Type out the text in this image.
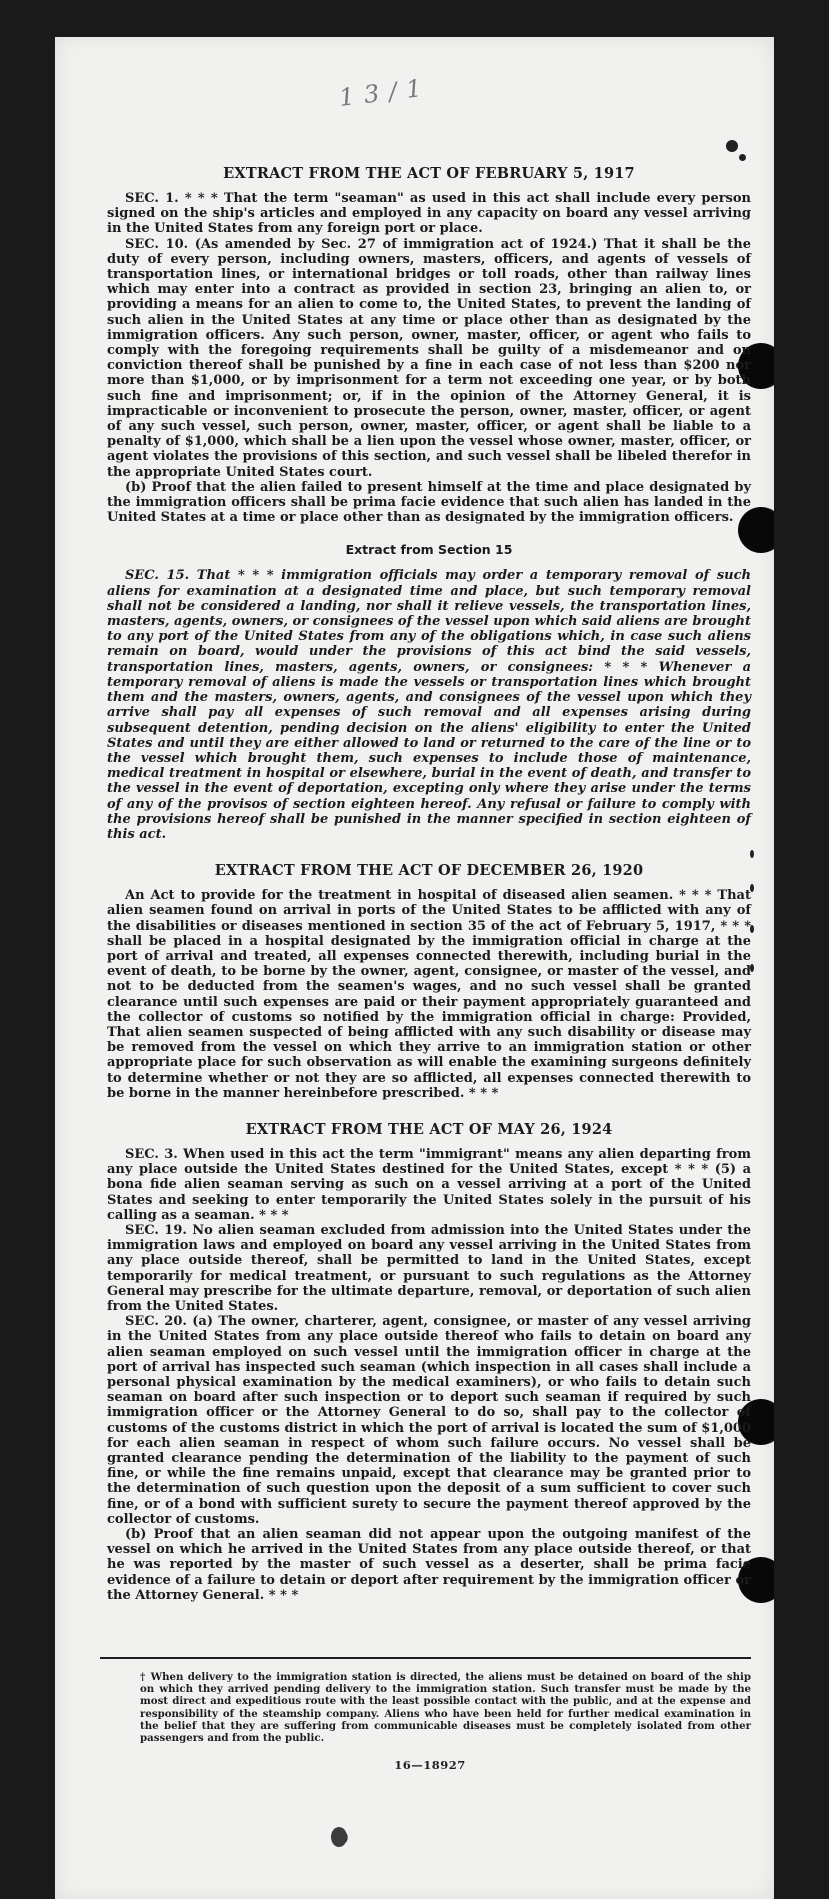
1 3 / 1
EXTRACT FROM THE ACT OF FEBRUARY 5, 1917

SEC. 1. * * * That the term "seaman" as used in this act shall include every person signed on the ship's articles and employed in any capacity on board any vessel arriving in the United States from any foreign port or place.

SEC. 10. (As amended by Sec. 27 of immigration act of 1924.) That it shall be the duty of every person, including owners, masters, officers, and agents of vessels of transportation lines, or international bridges or toll roads, other than railway lines which may enter into a contract as provided in section 23, bringing an alien to, or providing a means for an alien to come to, the United States, to prevent the landing of such alien in the United States at any time or place other than as designated by the immigration officers. Any such person, owner, master, officer, or agent who fails to comply with the foregoing requirements shall be guilty of a misdemeanor and on conviction thereof shall be punished by a fine in each case of not less than $200 nor more than $1,000, or by imprisonment for a term not exceeding one year, or by both such fine and imprisonment; or, if in the opinion of the Attorney General, it is impracticable or inconvenient to prosecute the person, owner, master, officer, or agent of any such vessel, such person, owner, master, officer, or agent shall be liable to a penalty of $1,000, which shall be a lien upon the vessel whose owner, master, officer, or agent violates the provisions of this section, and such vessel shall be libeled therefor in the appropriate United States court.

(b) Proof that the alien failed to present himself at the time and place designated by the immigration officers shall be prima facie evidence that such alien has landed in the United States at a time or place other than as designated by the immigration officers.

Extract from Section 15

SEC. 15. That * * * immigration officials may order a temporary removal of such aliens for examination at a designated time and place, but such temporary removal shall not be considered a landing, nor shall it relieve vessels, the transportation lines, masters, agents, owners, or consignees of the vessel upon which said aliens are brought to any port of the United States from any of the obligations which, in case such aliens remain on board, would under the provisions of this act bind the said vessels, transportation lines, masters, agents, owners, or consignees: * * * Whenever a temporary removal of aliens is made the vessels or transportation lines which brought them and the masters, owners, agents, and consignees of the vessel upon which they arrive shall pay all expenses of such removal and all expenses arising during subsequent detention, pending decision on the aliens' eligibility to enter the United States and until they are either allowed to land or returned to the care of the line or to the vessel which brought them, such expenses to include those of maintenance, medical treatment in hospital or elsewhere, burial in the event of death, and transfer to the vessel in the event of deportation, excepting only where they arise under the terms of any of the provisos of section eighteen hereof. Any refusal or failure to comply with the provisions hereof shall be punished in the manner specified in section eighteen of this act.

EXTRACT FROM THE ACT OF DECEMBER 26, 1920

An Act to provide for the treatment in hospital of diseased alien seamen. * * * That alien seamen found on arrival in ports of the United States to be afflicted with any of the disabilities or diseases mentioned in section 35 of the act of February 5, 1917, * * * shall be placed in a hospital designated by the immigration official in charge at the port of arrival and treated, all expenses connected therewith, including burial in the event of death, to be borne by the owner, agent, consignee, or master of the vessel, and not to be deducted from the seamen's wages, and no such vessel shall be granted clearance until such expenses are paid or their payment appropriately guaranteed and the collector of customs so notified by the immigration official in charge: Provided, That alien seamen suspected of being afflicted with any such disability or disease may be removed from the vessel on which they arrive to an immigration station or other appropriate place for such observation as will enable the examining surgeons definitely to determine whether or not they are so afflicted, all expenses connected therewith to be borne in the manner hereinbefore prescribed. * * *

EXTRACT FROM THE ACT OF MAY 26, 1924

SEC. 3. When used in this act the term "immigrant" means any alien departing from any place outside the United States destined for the United States, except * * * (5) a bona fide alien seaman serving as such on a vessel arriving at a port of the United States and seeking to enter temporarily the United States solely in the pursuit of his calling as a seaman. * * *

SEC. 19. No alien seaman excluded from admission into the United States under the immigration laws and employed on board any vessel arriving in the United States from any place outside thereof, shall be permitted to land in the United States, except temporarily for medical treatment, or pursuant to such regulations as the Attorney General may prescribe for the ultimate departure, removal, or deportation of such alien from the United States.

SEC. 20. (a) The owner, charterer, agent, consignee, or master of any vessel arriving in the United States from any place outside thereof who fails to detain on board any alien seaman employed on such vessel until the immigration officer in charge at the port of arrival has inspected such seaman (which inspection in all cases shall include a personal physical examination by the medical examiners), or who fails to detain such seaman on board after such inspection or to deport such seaman if required by such immigration officer or the Attorney General to do so, shall pay to the collector of customs of the customs district in which the port of arrival is located the sum of $1,000 for each alien seaman in respect of whom such failure occurs. No vessel shall be granted clearance pending the determination of the liability to the payment of such fine, or while the fine remains unpaid, except that clearance may be granted prior to the determination of such question upon the deposit of a sum sufficient to cover such fine, or of a bond with sufficient surety to secure the payment thereof approved by the collector of customs.

(b) Proof that an alien seaman did not appear upon the outgoing manifest of the vessel on which he arrived in the United States from any place outside thereof, or that he was reported by the master of such vessel as a deserter, shall be prima facie evidence of a failure to detain or deport after requirement by the immigration officer or the Attorney General. * * *

† When delivery to the immigration station is directed, the aliens must be detained on board of the ship on which they arrived pending delivery to the immigration station. Such transfer must be made by the most direct and expeditious route with the least possible contact with the public, and at the expense and responsibility of the steamship company. Aliens who have been held for further medical examination in the belief that they are suffering from communicable diseases must be completely isolated from other passengers and from the public.
16—18927
